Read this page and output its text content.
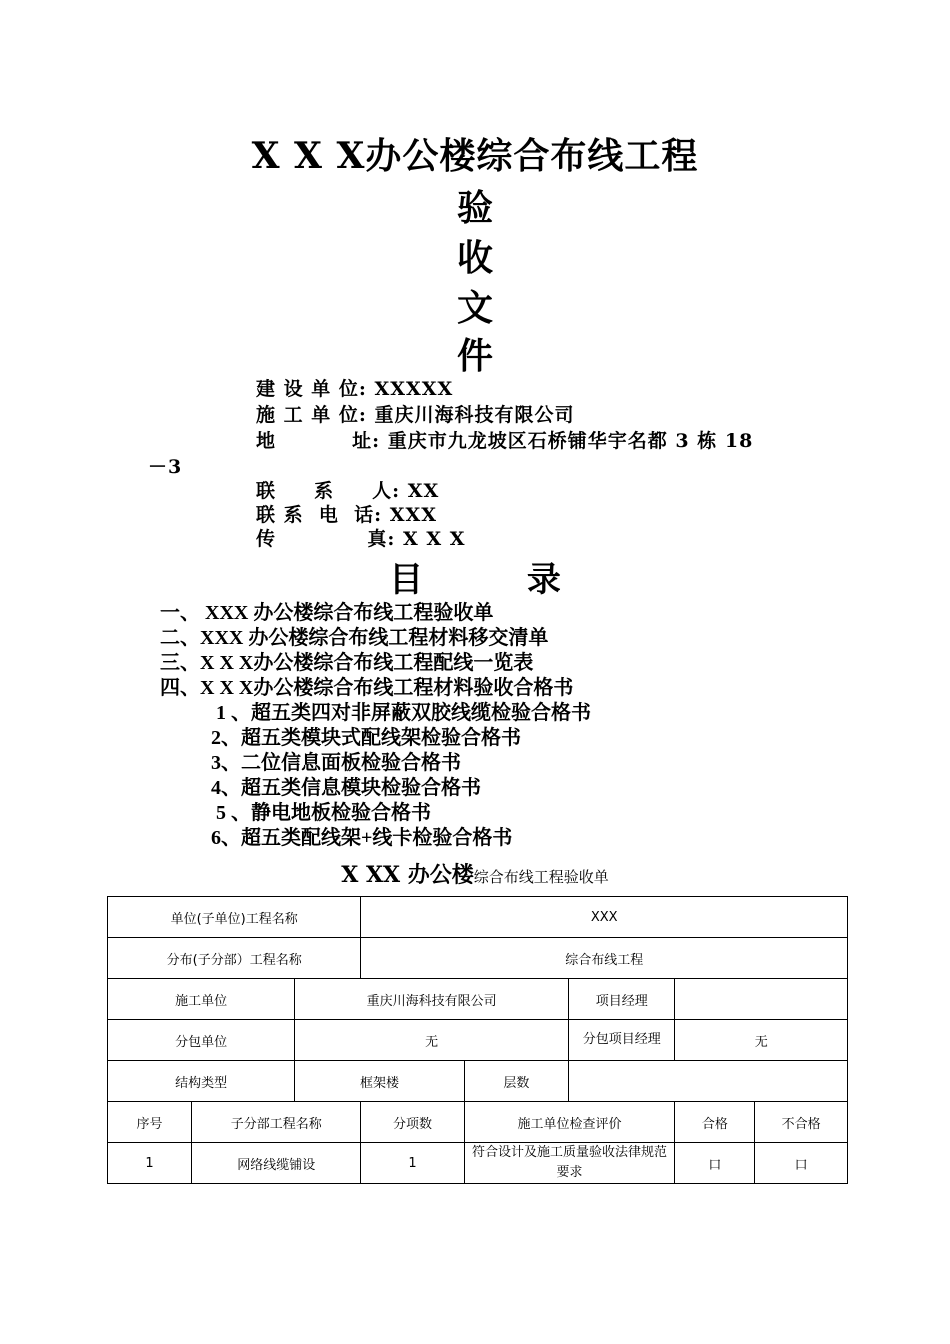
X X X办公楼综合布线工程
验
收
文
件
建 设 单 位: XXXXX
施 工 单 位: 重庆川海科技有限公司
地          址: 重庆市九龙坡区石桥铺华宇名都 3 栋 18
－3
联     系     人: XX
联 系  电  话: XXX
传            真: X X X
目	录
一、 XXX 办公楼综合布线工程验收单
二、XXX 办公楼综合布线工程材料移交清单
三、X X X办公楼综合布线工程配线一览表
四、X X X办公楼综合布线工程材料验收合格书
1 、超五类四对非屏蔽双胶线缆检验合格书
2、超五类模块式配线架检验合格书
3、二位信息面板检验合格书
4、超五类信息模块检验合格书
5 、静电地板检验合格书
6、超五类配线架+线卡检验合格书
X XX 办公楼综合布线工程验收单
单位(子单位)工程名称			XXX				
分布(子分部）工程名称			综合布线工程				
施工单位		重庆川海科技有限公司			项目经理		
分包单位		无			分包项目经理	无	
结构类型		框架楼		层数			
序号	子分部工程名称		分项数	施工单位检查评价		合格	不合格
1	网络线缆铺设		1	符合设计及施工质量验收法律规范要求		口	口
